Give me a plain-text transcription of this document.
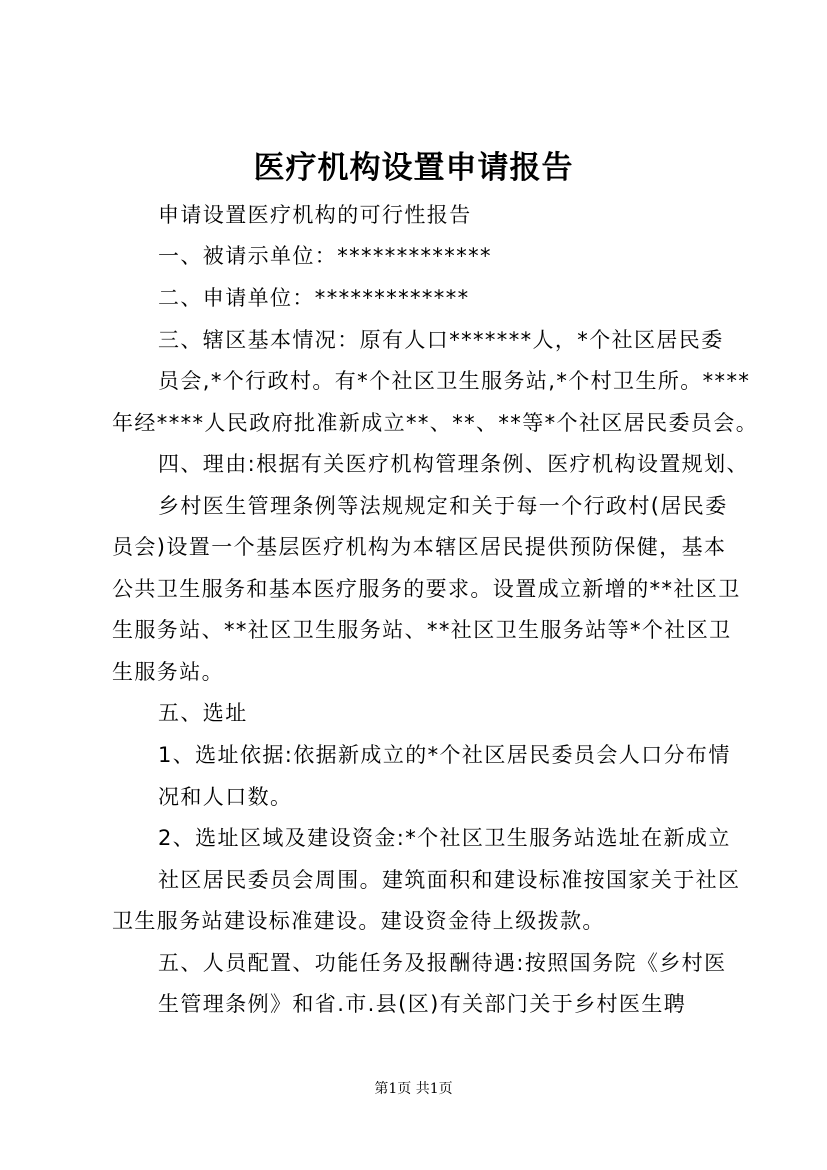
医疗机构设置申请报告
申请设置医疗机构的可行性报告
一、被请示单位：*************
二、申请单位：*************
三、辖区基本情况：原有人口*******人，*个社区居民委
员会,*个行政村。有*个社区卫生服务站,*个村卫生所。****
年经****人民政府批准新成立**、**、**等*个社区居民委员会。
四、理由:根据有关医疗机构管理条例、医疗机构设置规划、
乡村医生管理条例等法规规定和关于每一个行政村(居民委
员会)设置一个基层医疗机构为本辖区居民提供预防保健，基本
公共卫生服务和基本医疗服务的要求。设置成立新增的**社区卫
生服务站、**社区卫生服务站、**社区卫生服务站等*个社区卫
生服务站。
五、选址
1、选址依据:依据新成立的*个社区居民委员会人口分布情
况和人口数。
2、选址区域及建设资金:*个社区卫生服务站选址在新成立
社区居民委员会周围。建筑面积和建设标准按国家关于社区
卫生服务站建设标准建设。建设资金待上级拨款。
五、人员配置、功能任务及报酬待遇:按照国务院《乡村医
生管理条例》和省.市.县(区)有关部门关于乡村医生聘
第1页 共1页
